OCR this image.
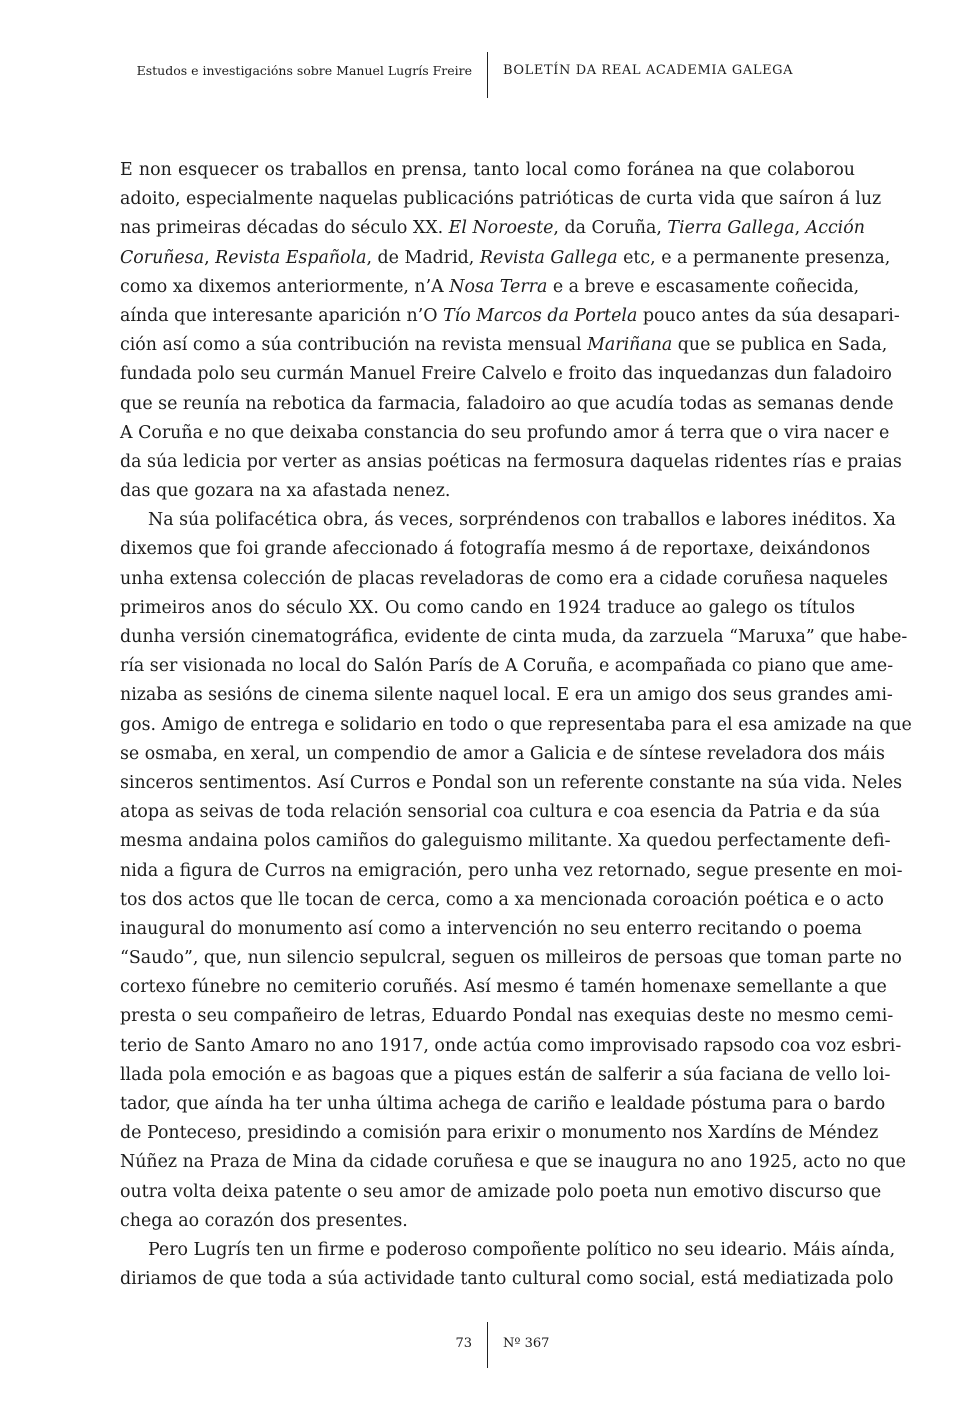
Estudos e investigacións sobre Manuel Lugrís Freire BOLETÍN DA REAL ACADEMIA GALEGA
E non esquecer os traballos en prensa, tanto local como foránea na que colaborou
adoito, especialmente naquelas publicacións patrióticas de curta vida que saíron á luz
nas primeiras décadas do século XX. El Noroeste, da Coruña, Tierra Gallega, Acción
Coruñesa, Revista Española, de Madrid, Revista Gallega etc, e a permanente presenza,
como xa dixemos anteriormente, n’A Nosa Terra e a breve e escasamente coñecida,
aínda que interesante aparición n’O Tío Marcos da Portela pouco antes da súa desapari-
ción así como a súa contribución na revista mensual Mariñana que se publica en Sada,
fundada polo seu curmán Manuel Freire Calvelo e froito das inquedanzas dun faladoiro
que se reunía na rebotica da farmacia, faladoiro ao que acudía todas as semanas dende
A Coruña e no que deixaba constancia do seu profundo amor á terra que o vira nacer e
da súa ledicia por verter as ansias poéticas na fermosura daquelas ridentes rías e praias
das que gozara na xa afastada nenez.
Na súa polifacética obra, ás veces, sorpréndenos con traballos e labores inéditos. Xa
dixemos que foi grande afeccionado á fotografía mesmo á de reportaxe, deixándonos
unha extensa colección de placas reveladoras de como era a cidade coruñesa naqueles
primeiros anos do século XX. Ou como cando en 1924 traduce ao galego os títulos
dunha versión cinematográfica, evidente de cinta muda, da zarzuela “Maruxa” que habe-
ría ser visionada no local do Salón París de A Coruña, e acompañada co piano que ame-
nizaba as sesións de cinema silente naquel local. E era un amigo dos seus grandes ami-
gos. Amigo de entrega e solidario en todo o que representaba para el esa amizade na que
se osmaba, en xeral, un compendio de amor a Galicia e de síntese reveladora dos máis
sinceros sentimentos. Así Curros e Pondal son un referente constante na súa vida. Neles
atopa as seivas de toda relación sensorial coa cultura e coa esencia da Patria e da súa
mesma andaina polos camiños do galeguismo militante. Xa quedou perfectamente defi-
nida a figura de Curros na emigración, pero unha vez retornado, segue presente en moi-
tos dos actos que lle tocan de cerca, como a xa mencionada coroación poética e o acto
inaugural do monumento así como a intervención no seu enterro recitando o poema
“Saudo”, que, nun silencio sepulcral, seguen os milleiros de persoas que toman parte no
cortexo fúnebre no cemiterio coruñés. Así mesmo é tamén homenaxe semellante a que
presta o seu compañeiro de letras, Eduardo Pondal nas exequias deste no mesmo cemi-
terio de Santo Amaro no ano 1917, onde actúa como improvisado rapsodo coa voz esbri-
llada pola emoción e as bagoas que a piques están de salferir a súa faciana de vello loi-
tador, que aínda ha ter unha última achega de cariño e lealdade póstuma para o bardo
de Ponteceso, presidindo a comisión para erixir o monumento nos Xardíns de Méndez
Núñez na Praza de Mina da cidade coruñesa e que se inaugura no ano 1925, acto no que
outra volta deixa patente o seu amor de amizade polo poeta nun emotivo discurso que
chega ao corazón dos presentes.
Pero Lugrís ten un firme e poderoso compoñente político no seu ideario. Máis aínda,
diriamos de que toda a súa actividade tanto cultural como social, está mediatizada polo
73 Nº 367
